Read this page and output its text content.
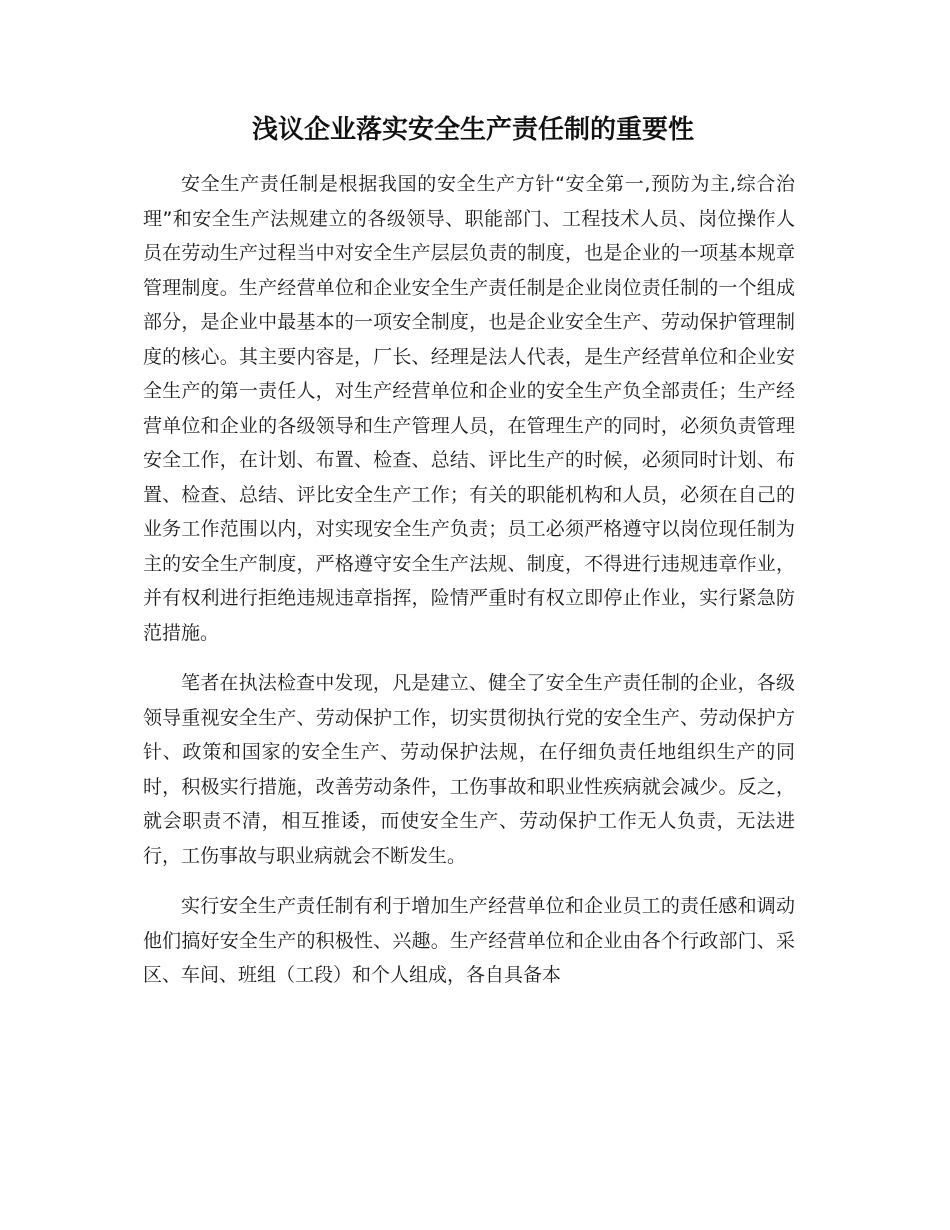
浅议企业落实安全生产责任制的重要性

安全生产责任制是根据我国的安全生产方针“安全第一,预防为主,综合治理”和安全生产法规建立的各级领导、职能部门、工程技术人员、岗位操作人员在劳动生产过程当中对安全生产层层负责的制度，也是企业的一项基本规章管理制度。生产经营单位和企业安全生产责任制是企业岗位责任制的一个组成部分，是企业中最基本的一项安全制度，也是企业安全生产、劳动保护管理制度的核心。其主要内容是，厂长、经理是法人代表，是生产经营单位和企业安全生产的第一责任人，对生产经营单位和企业的安全生产负全部责任；生产经营单位和企业的各级领导和生产管理人员，在管理生产的同时，必须负责管理安全工作，在计划、布置、检查、总结、评比生产的时候，必须同时计划、布置、检查、总结、评比安全生产工作；有关的职能机构和人员，必须在自己的业务工作范围以内，对实现安全生产负责；员工必须严格遵守以岗位现任制为主的安全生产制度，严格遵守安全生产法规、制度，不得进行违规违章作业，并有权利进行拒绝违规违章指挥，险情严重时有权立即停止作业，实行紧急防范措施。

笔者在执法检查中发现，凡是建立、健全了安全生产责任制的企业，各级领导重视安全生产、劳动保护工作，切实贯彻执行党的安全生产、劳动保护方针、政策和国家的安全生产、劳动保护法规，在仔细负责任地组织生产的同时，积极实行措施，改善劳动条件，工伤事故和职业性疾病就会减少。反之，就会职责不清，相互推诿，而使安全生产、劳动保护工作无人负责，无法进行，工伤事故与职业病就会不断发生。

实行安全生产责任制有利于增加生产经营单位和企业员工的责任感和调动他们搞好安全生产的积极性、兴趣。生产经营单位和企业由各个行政部门、采区、车间、班组（工段）和个人组成，各自具备本
